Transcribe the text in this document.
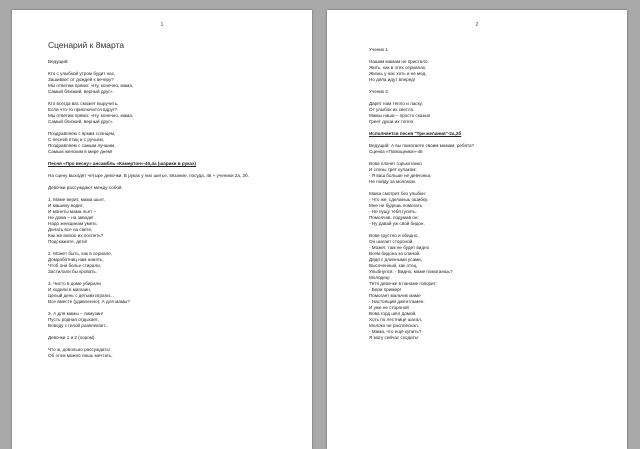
1
Сценарий к 8марта
Ведущий:
Кто с улыбкой утром будит нас,
Зашивает от дождей к вечеру?
Мы ответим прямо: «Ну, конечно, мама,
Самый близкий, верный друг».
Кто всегда вас сможет выручить,
Если что-то приключится вдруг?
Мы ответим прямо: «Ну, конечно, мама,
Самый близкий, верный друг».
Поздравляем с ярким солнцем,
С песней птиц и с ручьем,
Поздравляем с самым лучшим,
Самым женским в мире днем!
Песня «Про весну» ансамбль «Камертон»-40,4а (шарики в руках)
На сцену выходят четыре девочки. В руках у них шитье, вязание, посуда. 4в + ученики 2а, 2б.
Девочки рассуждают между собой.
1. Маме верит, мама шьет,
И машину водит,
И монеты мама льет –
Не дома – на заводе!
Надо женщинам уметь
Делать все на свете,
Как же вовсю их поспеть?
Подскажите, дети!
2. Может быть, как в сериале,
Домработниц нам нанять,
Чтоб они белье стирали,
Застилали бы кровать.
3. Чисто в доме убирали
И ходили в магазин,
Целый день с детьми играли...
Все вместе (удивленно). А для мамы?
3. А для мамы – лимузин!
Пусть родная отдыхает,
Воводу с гелой развлекает...
Девочки 1 и 2 (хором).
Что ж, довольно рассуждать!
Об этом можно лишь мечтать.
2
Ученик 1.
Нашим мамам не пристало
Жить, как в этих сериалах.
Жизнь у нас хоть и не мед,
Но дела идут вперед!
Ученик 2.
Дарят нам тепло и ласку,
От улыбок их светло.
Мамы наши – просто сказка!
Греет души их тепло.
Исполняется песня "Три желания"-2а,2б
Ведущий: А вы помогаете своим мамам, ребята?
Сценка «Помощники»-4в
Вова плачет горькотанко
И слезы трет кулаком:
- Я ваш больше не девчонка,
Не пойду за молоком.
Мама смотрит без улыбки:
- Что же, сделаешь ошибку.
Мне не будешь помогать
- Не пущу тебя гулять.
Помолчав, подумав он:
- Ну давай уж свой бидон.
Вове грустно и обидно,
Он шагает стороной.
- Может, там не будет видно
Всем бидона за спиной.
Дядя с длинными усами,
Высоченный, как отец,
Улыбнулся: - Видно, маме помогаешь?
Молодец!
Тётя девочке в панаме говорит:
- Бери пример!
Помогает мальчик маме
- Настоящий джентльмен.
И уже не стороной
Вова горд шёл домой.
Хоть по лестнице шагал,
Молоко не расплескал.
- Мама, что ещё купить?
Я могу сейчас сходить!
